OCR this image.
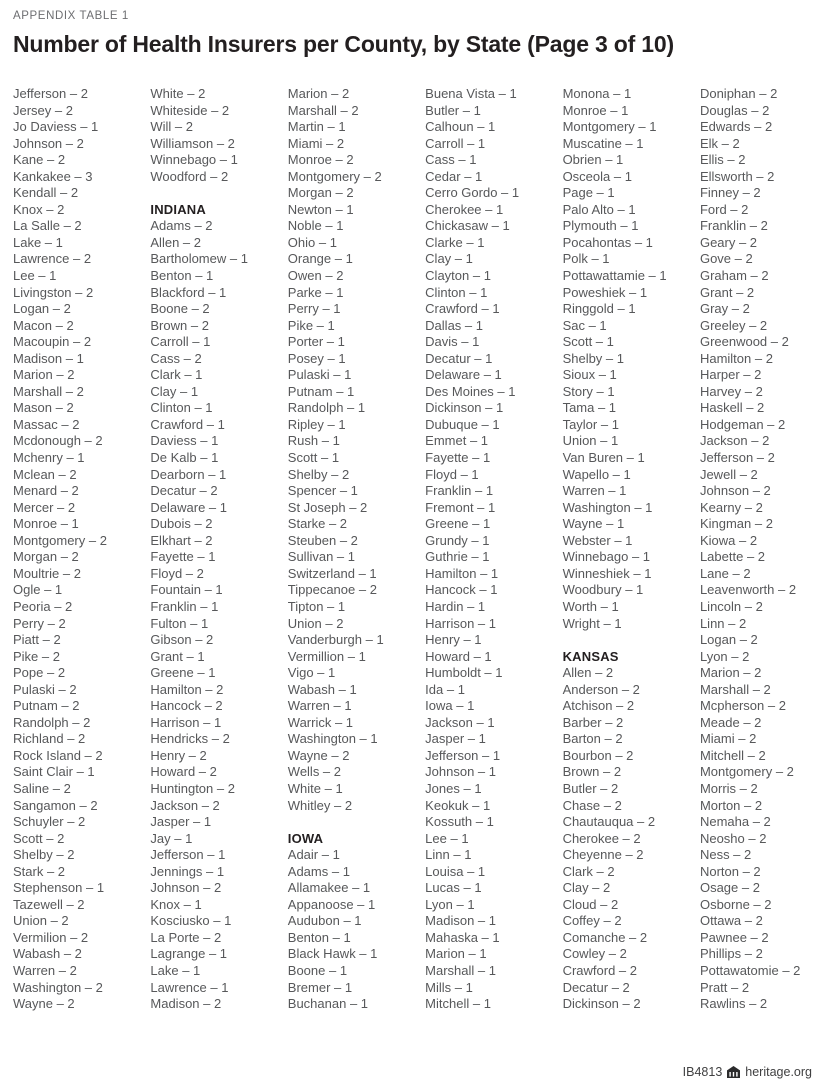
APPENDIX TABLE 1
Number of Health Insurers per County, by State (Page 3 of 10)
Jefferson – 2
Jersey – 2
Jo Daviess – 1
Johnson – 2
Kane – 2
Kankakee – 3
Kendall – 2
Knox – 2
La Salle – 2
Lake – 1
Lawrence – 2
Lee – 1
Livingston – 2
Logan – 2
Macon – 2
Macoupin – 2
Madison – 1
Marion – 2
Marshall – 2
Mason – 2
Massac – 2
Mcdonough – 2
Mchenry – 1
Mclean – 2
Menard – 2
Mercer – 2
Monroe – 1
Montgomery – 2
Morgan – 2
Moultrie – 2
Ogle – 1
Peoria – 2
Perry – 2
Piatt – 2
Pike – 2
Pope – 2
Pulaski – 2
Putnam – 2
Randolph – 2
Richland – 2
Rock Island – 2
Saint Clair – 1
Saline – 2
Sangamon – 2
Schuyler – 2
Scott – 2
Shelby – 2
Stark – 2
Stephenson – 1
Tazewell – 2
Union – 2
Vermilion – 2
Wabash – 2
Warren – 2
Washington – 2
Wayne – 2
White – 2
Whiteside – 2
Will – 2
Williamson – 2
Winnebago – 1
Woodford – 2
INDIANA
Adams – 2
Allen – 2
Bartholomew – 1
Benton – 1
Blackford – 1
Boone – 2
Brown – 2
Carroll – 1
Cass – 2
Clark – 1
Clay – 1
Clinton – 1
Crawford – 1
Daviess – 1
De Kalb – 1
Dearborn – 1
Decatur – 2
Delaware – 1
Dubois – 2
Elkhart – 2
Fayette – 1
Floyd – 2
Fountain – 1
Franklin – 1
Fulton – 1
Gibson – 2
Grant – 1
Greene – 1
Hamilton – 2
Hancock – 2
Harrison – 1
Hendricks – 2
Henry – 2
Howard – 2
Huntington – 2
Jackson – 2
Jasper – 1
Jay – 1
Jefferson – 1
Jennings – 1
Johnson – 2
Knox – 1
Kosciusko – 1
La Porte – 2
Lagrange – 1
Lake – 1
Lawrence – 1
Madison – 2
Marion – 2
Marshall – 2
Martin – 1
Miami – 2
Monroe – 2
Montgomery – 2
Morgan – 2
Newton – 1
Noble – 1
Ohio – 1
Orange – 1
Owen – 2
Parke – 1
Perry – 1
Pike – 1
Porter – 1
Posey – 1
Pulaski – 1
Putnam – 1
Randolph – 1
Ripley – 1
Rush – 1
Scott – 1
Shelby – 2
Spencer – 1
St Joseph – 2
Starke – 2
Steuben – 2
Sullivan – 1
Switzerland – 1
Tippecanoe – 2
Tipton – 1
Union – 2
Vanderburgh – 1
Vermillion – 1
Vigo – 1
Wabash – 1
Warren – 1
Warrick – 1
Washington – 1
Wayne – 2
Wells – 2
White – 1
Whitley – 2
IOWA
Adair – 1
Adams – 1
Allamakee – 1
Appanoose – 1
Audubon – 1
Benton – 1
Black Hawk – 1
Boone – 1
Bremer – 1
Buchanan – 1
Buena Vista – 1
Butler – 1
Calhoun – 1
Carroll – 1
Cass – 1
Cedar – 1
Cerro Gordo – 1
Cherokee – 1
Chickasaw – 1
Clarke – 1
Clay – 1
Clayton – 1
Clinton – 1
Crawford – 1
Dallas – 1
Davis – 1
Decatur – 1
Delaware – 1
Des Moines – 1
Dickinson – 1
Dubuque – 1
Emmet – 1
Fayette – 1
Floyd – 1
Franklin – 1
Fremont – 1
Greene – 1
Grundy – 1
Guthrie – 1
Hamilton – 1
Hancock – 1
Hardin – 1
Harrison – 1
Henry – 1
Howard – 1
Humboldt – 1
Ida – 1
Iowa – 1
Jackson – 1
Jasper – 1
Jefferson – 1
Johnson – 1
Jones – 1
Keokuk – 1
Kossuth – 1
Lee – 1
Linn – 1
Louisa – 1
Lucas – 1
Lyon – 1
Madison – 1
Mahaska – 1
Marion – 1
Marshall – 1
Mills – 1
Mitchell – 1
Monona – 1
Monroe – 1
Montgomery – 1
Muscatine – 1
Obrien – 1
Osceola – 1
Page – 1
Palo Alto – 1
Plymouth – 1
Pocahontas – 1
Polk – 1
Pottawattamie – 1
Poweshiek – 1
Ringgold – 1
Sac – 1
Scott – 1
Shelby – 1
Sioux – 1
Story – 1
Tama – 1
Taylor – 1
Union – 1
Van Buren – 1
Wapello – 1
Warren – 1
Washington – 1
Wayne – 1
Webster – 1
Winnebago – 1
Winneshiek – 1
Woodbury – 1
Worth – 1
Wright – 1
KANSAS
Allen – 2
Anderson – 2
Atchison – 2
Barber – 2
Barton – 2
Bourbon – 2
Brown – 2
Butler – 2
Chase – 2
Chautauqua – 2
Cherokee – 2
Cheyenne – 2
Clark – 2
Clay – 2
Cloud – 2
Coffey – 2
Comanche – 2
Cowley – 2
Crawford – 2
Decatur – 2
Dickinson – 2
Doniphan – 2
Douglas – 2
Edwards – 2
Elk – 2
Ellis – 2
Ellsworth – 2
Finney – 2
Ford – 2
Franklin – 2
Geary – 2
Gove – 2
Graham – 2
Grant – 2
Gray – 2
Greeley – 2
Greenwood – 2
Hamilton – 2
Harper – 2
Harvey – 2
Haskell – 2
Hodgeman – 2
Jackson – 2
Jefferson – 2
Jewell – 2
Johnson – 2
Kearny – 2
Kingman – 2
Kiowa – 2
Labette – 2
Lane – 2
Leavenworth – 2
Lincoln – 2
Linn – 2
Logan – 2
Lyon – 2
Marion – 2
Marshall – 2
Mcpherson – 2
Meade – 2
Miami – 2
Mitchell – 2
Montgomery – 2
Morris – 2
Morton – 2
Nemaha – 2
Neosho – 2
Ness – 2
Norton – 2
Osage – 2
Osborne – 2
Ottawa – 2
Pawnee – 2
Phillips – 2
Pottawatomie – 2
Pratt – 2
Rawlins – 2
IB4813 heritage.org
